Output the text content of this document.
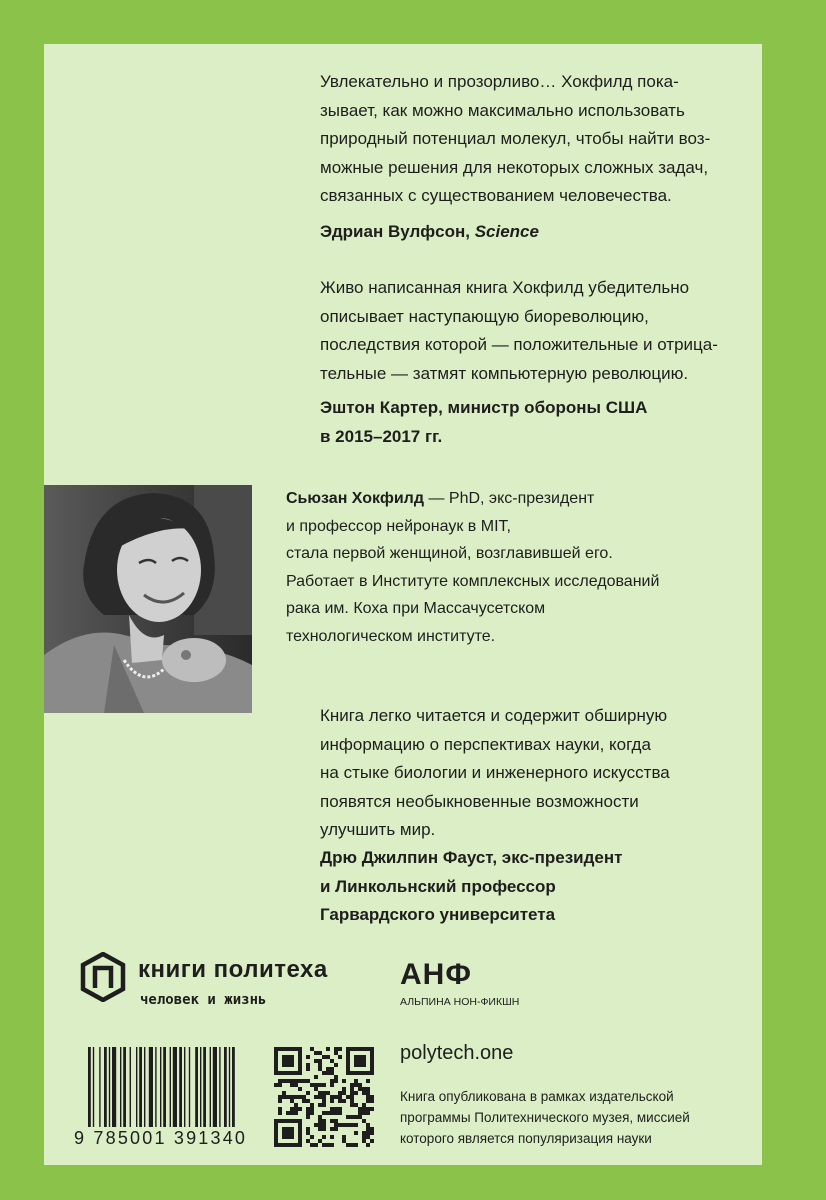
Увлекательно и прозорливо… Хокфилд пока-
зывает, как можно максимально использовать
природный потенциал молекул, чтобы найти воз-
можные решения для некоторых сложных задач,
связанных с существованием человечества.
Эдриан Вулфсон, Science
Живо написанная книга Хокфилд убедительно
описывает наступающую биореволюцию,
последствия которой — положительные и отрица-
тельные — затмят компьютерную революцию.
Эштон Картер, министр обороны США
в 2015–2017 гг.
Сьюзан Хокфилд — PhD, экс-президент
и профессор нейронаук в MIT,
стала первой женщиной, возглавившей его.
Работает в Институте комплексных исследований
рака им. Коха при Массачусетском
технологическом институте.
Книга легко читается и содержит обширную
информацию о перспективах науки, когда
на стыке биологии и инженерного искусства
появятся необыкновенные возможности
улучшить мир.
Дрю Джилпин Фауст, экс-президент
и Линкольнский профессор
Гарвардского университета
книги политеха
человек и жизнь
АНФ
АЛЬПИНА НОН-ФИКШН
9 785001 391340
polytech.one
Книга опубликована в рамках издательской
программы Политехнического музея, миссией
которого является популяризация науки
